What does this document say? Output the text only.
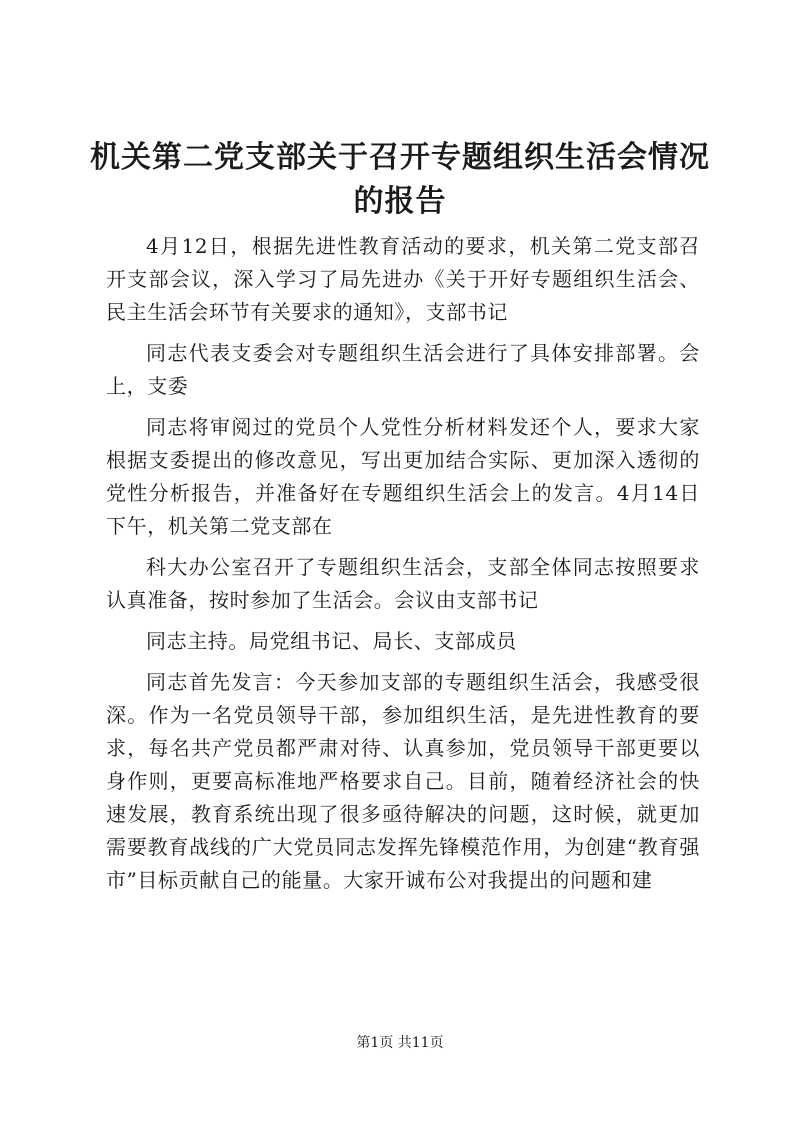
机关第二党支部关于召开专题组织生活会情况的报告

4月12日，根据先进性教育活动的要求，机关第二党支部召开支部会议，深入学习了局先进办《关于开好专题组织生活会、民主生活会环节有关要求的通知》，支部书记

同志代表支委会对专题组织生活会进行了具体安排部署。会上，支委

同志将审阅过的党员个人党性分析材料发还个人，要求大家根据支委提出的修改意见，写出更加结合实际、更加深入透彻的党性分析报告，并准备好在专题组织生活会上的发言。4月14日下午，机关第二党支部在

科大办公室召开了专题组织生活会，支部全体同志按照要求认真准备，按时参加了生活会。会议由支部书记

同志主持。局党组书记、局长、支部成员

同志首先发言：今天参加支部的专题组织生活会，我感受很深。作为一名党员领导干部，参加组织生活，是先进性教育的要求，每名共产党员都严肃对待、认真参加，党员领导干部更要以身作则，更要高标准地严格要求自己。目前，随着经济社会的快速发展，教育系统出现了很多亟待解决的问题，这时候，就更加需要教育战线的广大党员同志发挥先锋模范作用，为创建“教育强市”目标贡献自己的能量。大家开诚布公对我提出的问题和建

第1页 共11页
